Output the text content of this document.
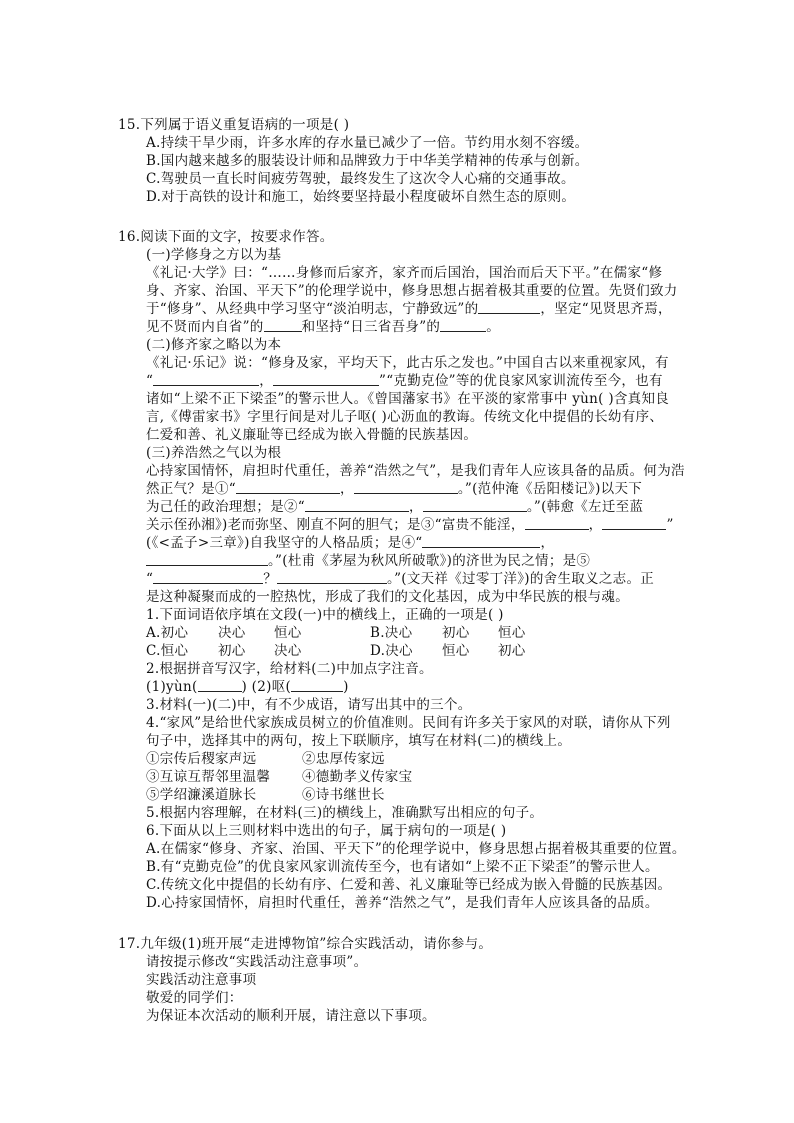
15.下列属于语义重复语病的一项是( )
A.持续干旱少雨，许多水库的存水量已减少了一倍。节约用水刻不容缓。
B.国内越来越多的服装设计师和品牌致力于中华美学精神的传承与创新。
C.驾驶员一直长时间疲劳驾驶，最终发生了这次令人心痛的交通事故。
D.对于高铁的设计和施工，始终要坚持最小程度破坏自然生态的原则。
16.阅读下面的文字，按要求作答。
(一)学修身之方以为基
《礼记·大学》曰：“……身修而后家齐，家齐而后国治，国治而后天下平。”在儒家“修
身、齐家、治国、平天下”的伦理学说中，修身思想占据着极其重要的位置。先贤们致力
于“修身”、从经典中学习坚守“淡泊明志，宁静致远”的	，坚定“见贤思齐焉，
见不贤而内自省”的	和坚持“日三省吾身”的	。
(二)修齐家之略以为本
《礼记·乐记》说：“修身及家，平均天下，此古乐之发也。”中国自古以来重视家风，有
“	，	”“克勤克俭”等的优良家风家训流传至今，也有
诸如“上梁不正下梁歪”的警示世人。《曾国藩家书》在平淡的家常事中 yùn( )含真知良
言,《傅雷家书》字里行间是对儿子呕( )心沥血的教诲。传统文化中提倡的长幼有序、
仁爱和善、礼义廉耻等已经成为嵌入骨髓的民族基因。
(三)养浩然之气以为根
心持家国情怀，肩担时代重任，善养“浩然之气”，是我们青年人应该具备的品质。何为浩
然正气？是①“	，	。”(范仲淹《岳阳楼记》)以天下
为己任的政治理想；是②“	，	。”(韩愈《左迁至蓝
关示侄孙湘》)老而弥坚、刚直不阿的胆气；是③“富贵不能淫，	，	”
(《<孟子>三章》)自我坚守的人格品质；是④“	，
。”(杜甫《茅屋为秋风所破歌》)的济世为民之情；是⑤
“	？	。”(文天祥《过零丁洋》)的舍生取义之志。正
是这种凝聚而成的一腔热忱，形成了我们的文化基因，成为中华民族的根与魂。
1.下面词语依序填在文段(一)中的横线上，正确的一项是( )
A.初心 决心 恒心	B.决心 初心 恒心
C.恒心 初心 决心	D.决心 恒心 初心
2.根据拼音写汉字，给材料(二)中加点字注音。
(1)yùn(	) (2)呕(	)
3.材料(一)(二)中，有不少成语，请写出其中的三个。
4.“家风”是给世代家族成员树立的价值准则。民间有许多关于家风的对联，请你从下列
句子中，选择其中的两句，按上下联顺序，填写在材料(二)的横线上。
①宗传后稷家声远	②忠厚传家远
③互谅互帮邻里温馨 ④德勤孝义传家宝
⑤学绍濂溪道脉长	⑥诗书继世长
5.根据内容理解，在材料(三)的横线上，准确默写出相应的句子。
6.下面从以上三则材料中选出的句子，属于病句的一项是( )
A.在儒家“修身、齐家、治国、平天下”的伦理学说中，修身思想占据着极其重要的位置。
B.有“克勤克俭”的优良家风家训流传至今，也有诸如“上梁不正下梁歪”的警示世人。
C.传统文化中提倡的长幼有序、仁爱和善、礼义廉耻等已经成为嵌入骨髓的民族基因。
D.心持家国情怀，肩担时代重任，善养“浩然之气”，是我们青年人应该具备的品质。
17.九年级(1)班开展“走进博物馆”综合实践活动，请你参与。
请按提示修改“实践活动注意事项”。
实践活动注意事项
敬爱的同学们：
为保证本次活动的顺利开展，请注意以下事项。
